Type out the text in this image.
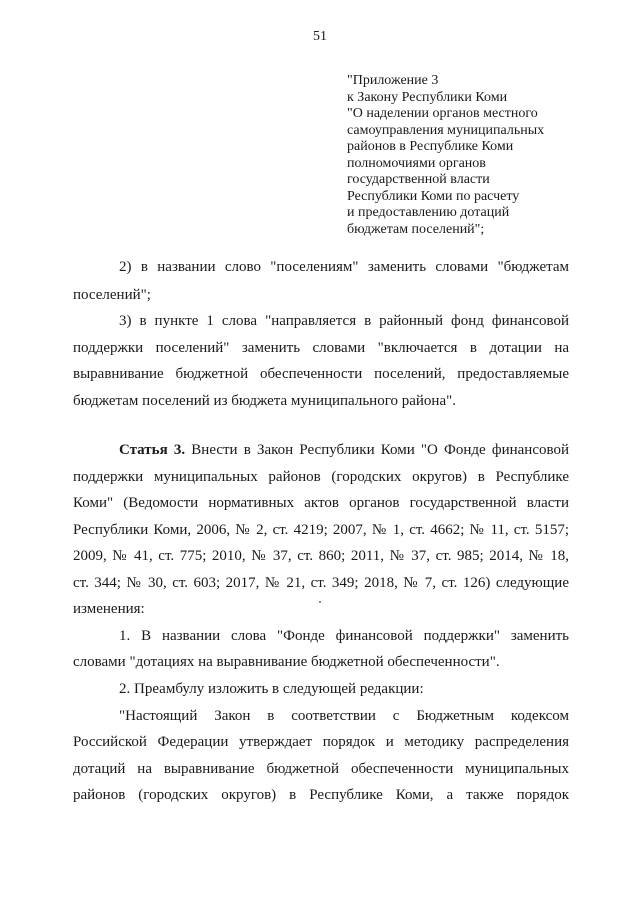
51
"Приложение 3
к Закону Республики Коми
"О наделении органов местного
самоуправления муниципальных
районов в Республике Коми
полномочиями органов
государственной власти
Республики Коми по расчету
и предоставлению дотаций
бюджетам поселений";
2) в названии слово "поселениям" заменить словами "бюджетам
поселений";
3) в пункте 1 слова "направляется в районный фонд финансовой
поддержки поселений" заменить словами "включается в дотации на
выравнивание бюджетной обеспеченности поселений, предоставляемые
бюджетам поселений из бюджета муниципального района".
Статья 3. Внести в Закон Республики Коми "О Фонде финансовой
поддержки муниципальных районов (городских округов) в Республике
Коми" (Ведомости нормативных актов органов государственной власти
Республики Коми, 2006, № 2, ст. 4219; 2007, № 1, ст. 4662; № 11, ст. 5157;
2009, № 41, ст. 775; 2010, № 37, ст. 860; 2011, № 37, ст. 985; 2014, № 18,
ст. 344; № 30, ст. 603; 2017, № 21, ст. 349; 2018, № 7, ст. 126) следующие
изменения:
1. В названии слова "Фонде финансовой поддержки" заменить
словами "дотациях на выравнивание бюджетной обеспеченности".
2. Преамбулу изложить в следующей редакции:
"Настоящий Закон в соответствии с Бюджетным кодексом
Российской Федерации утверждает порядок и методику распределения
дотаций на выравнивание бюджетной обеспеченности муниципальных
районов (городских округов) в Республике Коми, а также порядок
